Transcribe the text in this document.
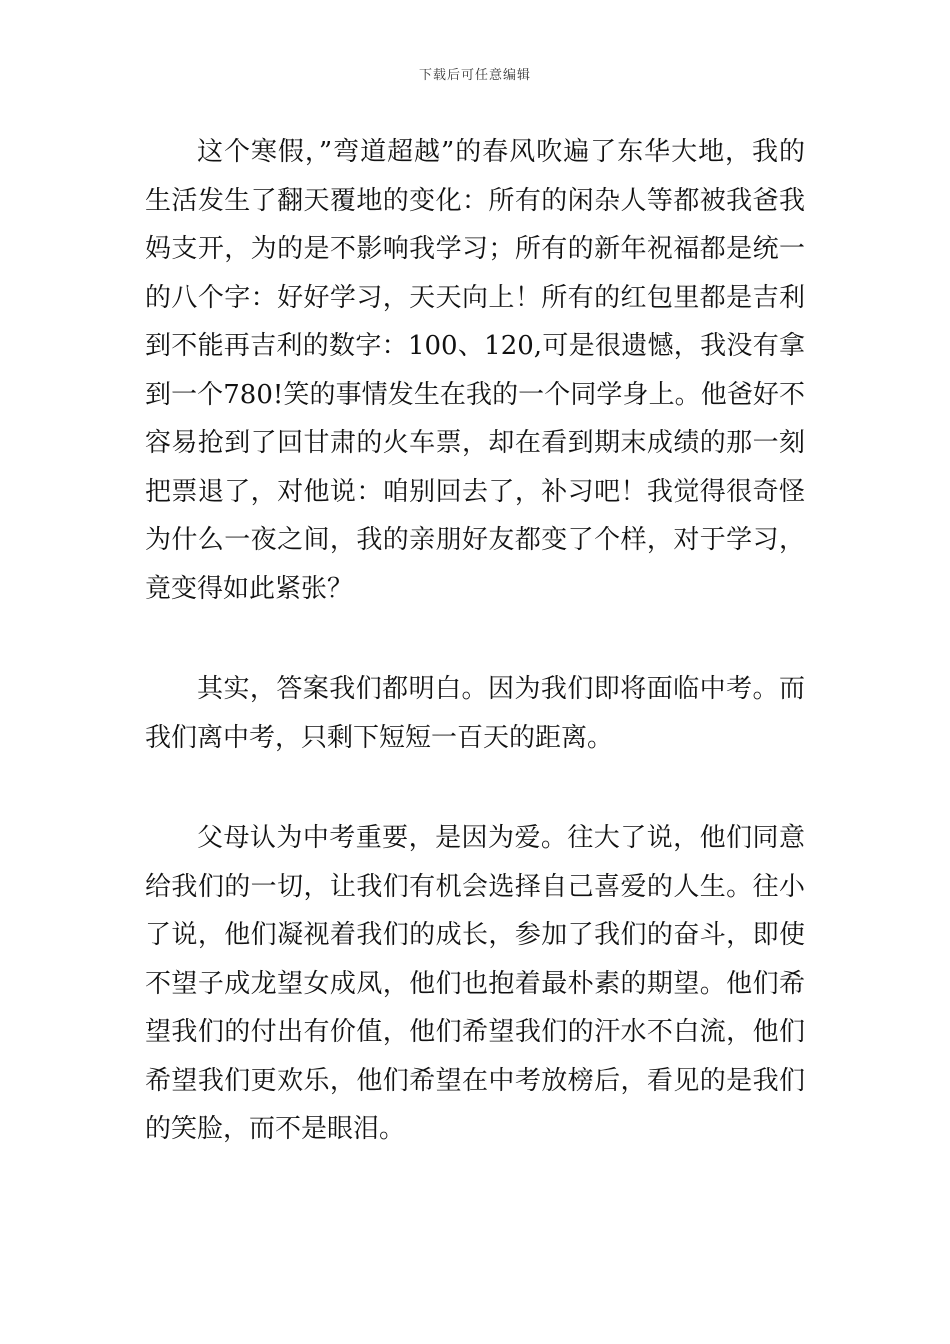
下载后可任意编辑

这个寒假，”弯道超越”的春风吹遍了东华大地，我的生活发生了翻天覆地的变化：所有的闲杂人等都被我爸我妈支开，为的是不影响我学习；所有的新年祝福都是统一的八个字：好好学习，天天向上！所有的红包里都是吉利到不能再吉利的数字：100、120,可是很遗憾，我没有拿到一个780!笑的事情发生在我的一个同学身上。他爸好不容易抢到了回甘肃的火车票，却在看到期末成绩的那一刻把票退了，对他说：咱别回去了，补习吧！我觉得很奇怪为什么一夜之间，我的亲朋好友都变了个样，对于学习，竟变得如此紧张？

其实，答案我们都明白。因为我们即将面临中考。而我们离中考，只剩下短短一百天的距离。

父母认为中考重要，是因为爱。往大了说，他们同意给我们的一切，让我们有机会选择自己喜爱的人生。往小了说，他们凝视着我们的成长，参加了我们的奋斗，即使不望子成龙望女成凤，他们也抱着最朴素的期望。他们希望我们的付出有价值，他们希望我们的汗水不白流，他们希望我们更欢乐，他们希望在中考放榜后，看见的是我们的笑脸，而不是眼泪。
